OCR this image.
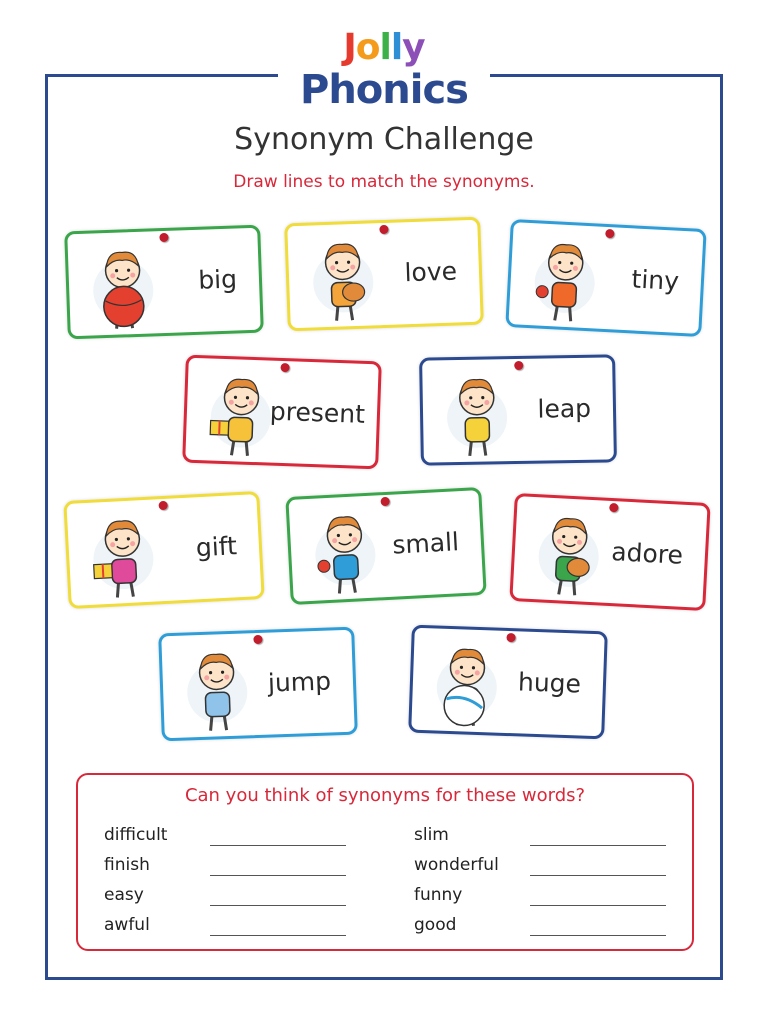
Jolly
Phonics
Synonym Challenge
Draw lines to match the synonyms.
big	love	tiny
present	leap
gift	small	adore
jump	huge
Can you think of synonyms for these words?
difficult
finish
easy
awful
slim
wonderful
funny
good
